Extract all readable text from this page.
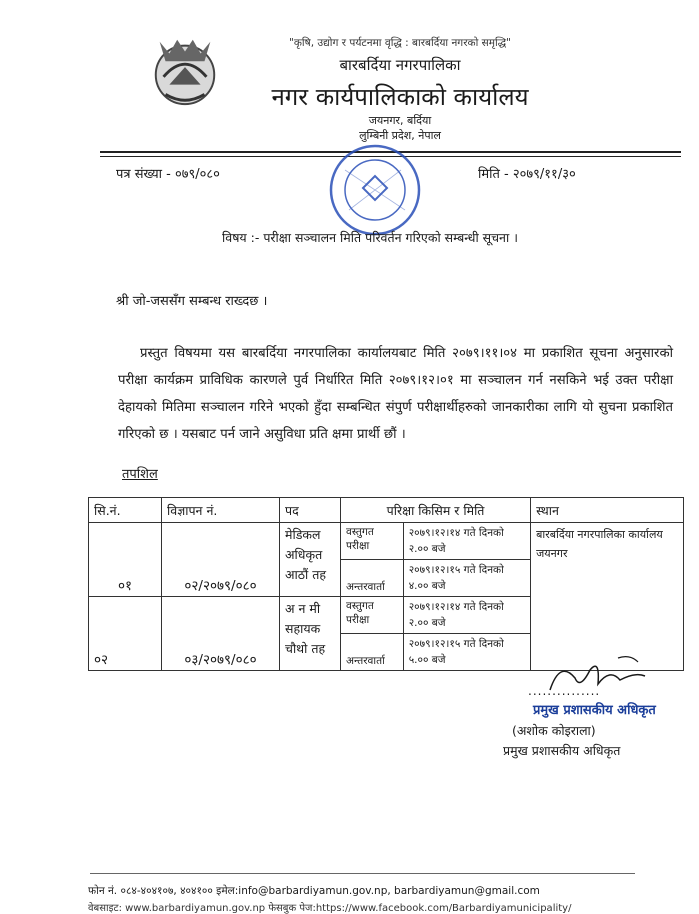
"कृषि, उद्योग र पर्यटनमा वृद्धि : बारबर्दिया नगरको समृद्धि"
बारबर्दिया नगरपालिका
नगर कार्यपालिकाको कार्यालय
जयनगर, बर्दिया
लुम्बिनी प्रदेश, नेपाल
पत्र संख्या - ०७९/०८०	मिति - २०७९/११/३०
विषय :- परीक्षा सञ्चालन मिति परिवर्तन गरिएको सम्बन्धी सूचना ।
श्री जो-जससँग सम्बन्ध राख्दछ ।
प्रस्तुत विषयमा यस बारबर्दिया नगरपालिका कार्यालयबाट मिति २०७९।११।०४ मा प्रकाशित सूचना अनुसारको परीक्षा कार्यक्रम प्राविधिक कारणले पुर्व निर्धारित मिति २०७९।१२।०१ मा सञ्चालन गर्न नसकिने भई उक्त परीक्षा देहायको मितिमा सञ्चालन गरिने भएको हुँदा सम्बन्धित संपुर्ण परीक्षार्थीहरुको जानकारीका लागि यो सुचना प्रकाशित गरिएको छ । यसबाट पर्न जाने असुविधा प्रति क्षमा प्रार्थी छौं ।
तपशिल
सि.नं.	विज्ञापन नं.	पद	परिक्षा किसिम र मिति		स्थान
०१	०२/२०७९/०८०	मेडिकल अधिकृत आठौं तह	वस्तुगत परीक्षा	२०७९।१२।१४ गते दिनको २.०० बजे	बारबर्दिया नगरपालिका कार्यालय जयनगर
			अन्तरवार्ता	२०७९।१२।१५ गते दिनको ४.०० बजे	
०२	०३/२०७९/०८०	अ न मी सहायक चौथो तह	वस्तुगत परीक्षा	२०७९।१२।१४ गते दिनको २.०० बजे	
			अन्तरवार्ता	२०७९।१२।१५ गते दिनको ५.०० बजे	
...............
प्रमुख प्रशासकीय अधिकृत
(अशोक कोइराला)
प्रमुख प्रशासकीय अधिकृत
फोन नं. ०८४-४०४१०७, ४०४१०० इमेल:info@barbardiyamun.gov.np, barbardiyamun@gmail.com
वेबसाइट: www.barbardiyamun.gov.np फेसबुक पेज:https://www.facebook.com/Barbardiyamunicipality/
